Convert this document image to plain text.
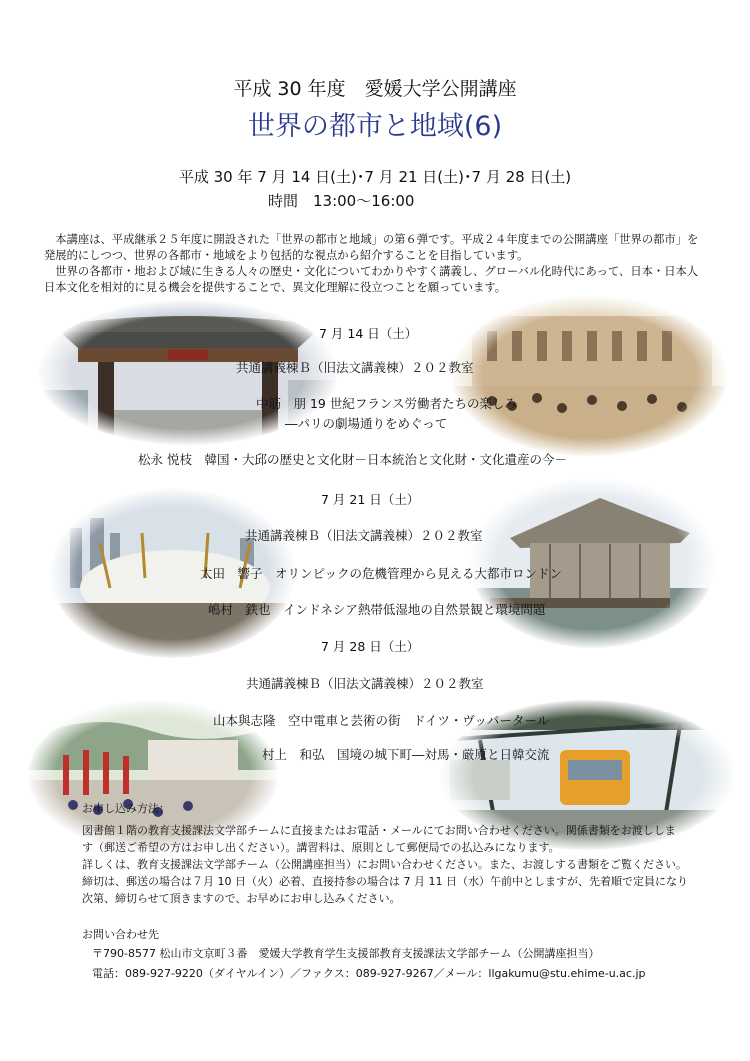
平成 30 年度　愛媛大学公開講座
世界の都市と地域(6)
平成 30 年 7 月 14 日(土)･7 月 21 日(土)･7 月 28 日(土)
時間　13:00～16:00

本講座は、平成継承２５年度に開設された「世界の都市と地域」の第６弾です。平成２４年度までの公開講座「世界の都市」を発展的にしつつ、世界の各都市・地域をより包括的な視点から紹介することを目指しています。

世界の各都市・地および域に生きる人々の歴史・文化についてわかりやすく講義し、グローバル化時代にあって、日本・日本人日本文化を相対的に見る機会を提供することで、異文化理解に役立つことを願っています。

7 月 14 日（土）
共通講義棟Ｂ（旧法文講義棟）２０２教室
中筋　朋 19 世紀フランス労働者たちの楽しみ
―パリの劇場通りをめぐって
松永 悦枝　韓国・大邱の歴史と文化財－日本統治と文化財・文化遺産の今－
7 月 21 日（土）
共通講義棟Ｂ（旧法文講義棟）２０２教室
太田　響子　オリンピックの危機管理から見える大都市ロンドン
嶋村　鉄也　インドネシア熱帯低湿地の自然景観と環境問題
7 月 28 日（土）
共通講義棟Ｂ（旧法文講義棟）２０２教室
山本與志隆　空中電車と芸術の街　ドイツ・ヴッパータール
村上　和弘　国境の城下町―対馬・厳原と日韓交流
お申し込み方法：
図書館１階の教育支援課法文学部チームに直接またはお電話・メールにてお問い合わせください。関係書類をお渡ししま
す（郵送ご希望の方はお申し出ください）。講習料は、原則として郵便局での払込みになります。
詳しくは、教育支援課法文学部チーム（公開講座担当）にお問い合わせください。また、お渡しする書類をご覧ください。
締切は、郵送の場合は７月 10 日（火）必着、直接持参の場合は 7 月 11 日（水）午前中としますが、先着順で定員になり
次第、締切らせて頂きますので、お早めにお申し込みください。
お問い合わせ先
〒790-8577 松山市文京町３番　愛媛大学教育学生支援部教育支援課法文学部チーム（公開講座担当）
電話：089-927-9220（ダイヤルイン）／ファクス：089-927-9267／メール：llgakumu@stu.ehime-u.ac.jp
